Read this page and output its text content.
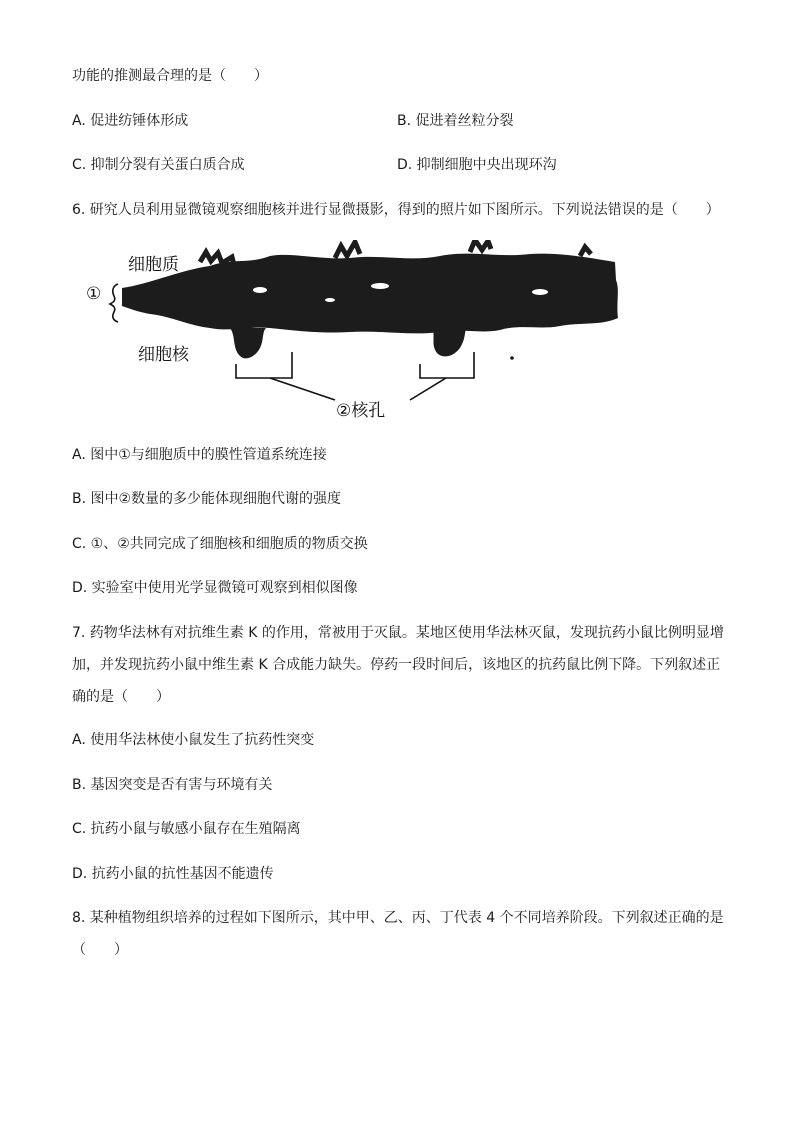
功能的推测最合理的是（　　）
A. 促进纺锤体形成	B. 促进着丝粒分裂
C. 抑制分裂有关蛋白质合成	D. 抑制细胞中央出现环沟
6. 研究人员利用显微镜观察细胞核并进行显微摄影，得到的照片如下图所示。下列说法错误的是（　　）
细胞质
①
细胞核
②核孔
A. 图中①与细胞质中的膜性管道系统连接
B. 图中②数量的多少能体现细胞代谢的强度
C. ①、②共同完成了细胞核和细胞质的物质交换
D. 实验室中使用光学显微镜可观察到相似图像
7. 药物华法林有对抗维生素 K 的作用，常被用于灭鼠。某地区使用华法林灭鼠，发现抗药小鼠比例明显增
加，并发现抗药小鼠中维生素 K 合成能力缺失。停药一段时间后，该地区的抗药鼠比例下降。下列叙述正
确的是（　　）
A. 使用华法林使小鼠发生了抗药性突变
B. 基因突变是否有害与环境有关
C. 抗药小鼠与敏感小鼠存在生殖隔离
D. 抗药小鼠的抗性基因不能遗传
8. 某种植物组织培养的过程如下图所示，其中甲、乙、丙、丁代表 4 个不同培养阶段。下列叙述正确的是
（　　）
